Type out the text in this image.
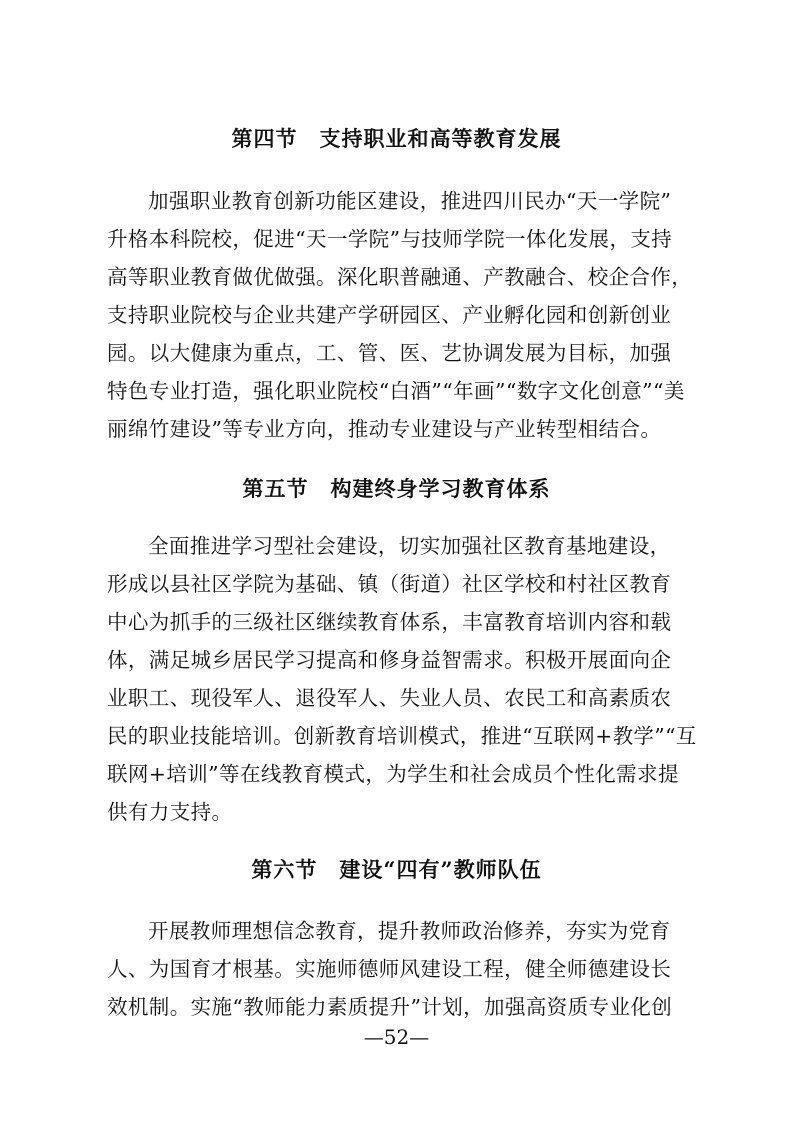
第四节　支持职业和高等教育发展
加强职业教育创新功能区建设，推进四川民办“天一学院”
升格本科院校，促进“天一学院”与技师学院一体化发展，支持
高等职业教育做优做强。深化职普融通、产教融合、校企合作，
支持职业院校与企业共建产学研园区、产业孵化园和创新创业
园。以大健康为重点，工、管、医、艺协调发展为目标，加强
特色专业打造，强化职业院校“白酒”“年画”“数字文化创意”“美
丽绵竹建设”等专业方向，推动专业建设与产业转型相结合。
第五节　构建终身学习教育体系
全面推进学习型社会建设，切实加强社区教育基地建设，
形成以县社区学院为基础、镇（街道）社区学校和村社区教育
中心为抓手的三级社区继续教育体系，丰富教育培训内容和载
体，满足城乡居民学习提高和修身益智需求。积极开展面向企
业职工、现役军人、退役军人、失业人员、农民工和高素质农
民的职业技能培训。创新教育培训模式，推进“互联网+教学”“互
联网+培训”等在线教育模式，为学生和社会成员个性化需求提
供有力支持。
第六节　建设“四有”教师队伍
开展教师理想信念教育，提升教师政治修养，夯实为党育
人、为国育才根基。实施师德师风建设工程，健全师德建设长
效机制。实施“教师能力素质提升”计划，加强高资质专业化创
—52—
